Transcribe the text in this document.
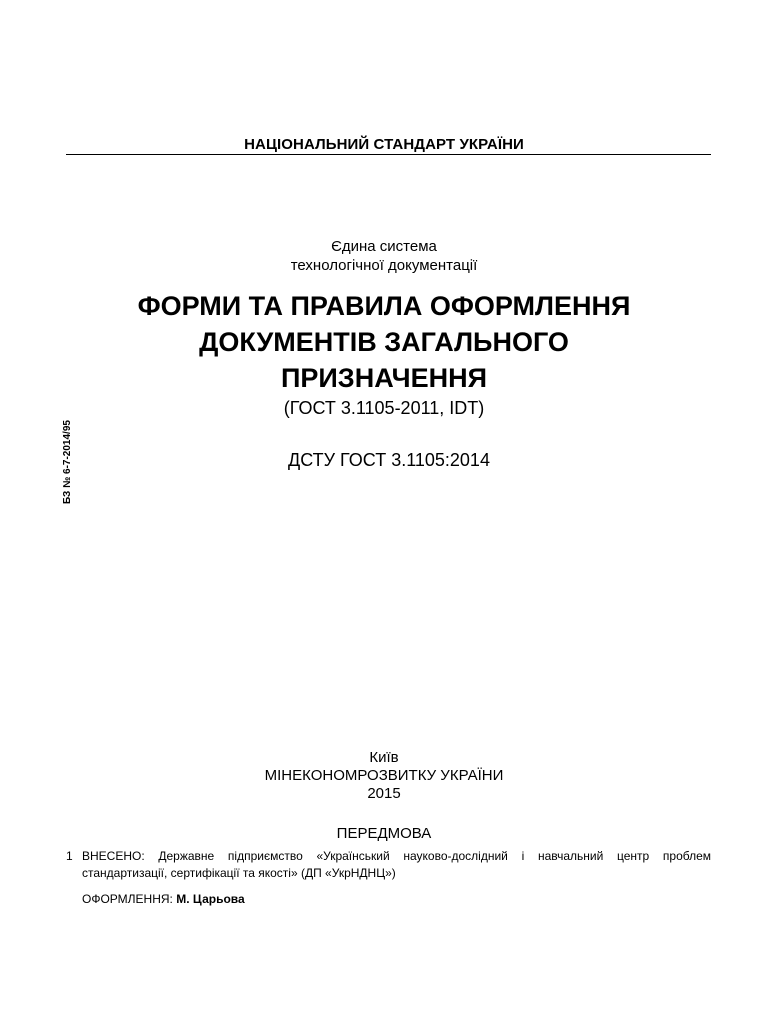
НАЦІОНАЛЬНИЙ СТАНДАРТ УКРАЇНИ
Єдина система
технологічної документації
ФОРМИ ТА ПРАВИЛА ОФОРМЛЕННЯ
ДОКУМЕНТІВ ЗАГАЛЬНОГО
ПРИЗНАЧЕННЯ
(ГОСТ 3.1105-2011, IDT)
ДСТУ ГОСТ 3.1105:2014
БЗ № 6-7-2014/95
Київ
МІНЕКОНОМРОЗВИТКУ УКРАЇНИ
2015
ПЕРЕДМОВА
1 ВНЕСЕНО: Державне підприємство «Український науково-дослідний і навчальний центр проблем стандартизації, сертифікації та якості» (ДП «УкрНДНЦ»)
ОФОРМЛЕННЯ: М. Царьова
